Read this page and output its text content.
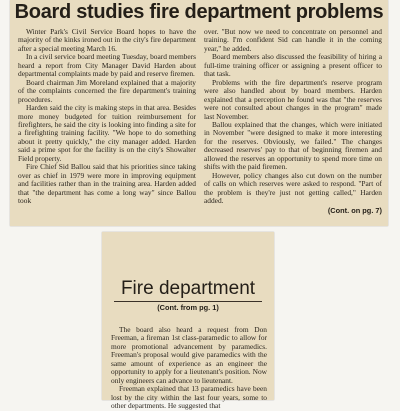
Board studies fire department problems

Winter Park's Civil Service Board hopes to have the majority of the kinks ironed out in the city's fire department after a special meeting March 16.

In a civil service board meeting Tuesday, board members heard a report from City Manager David Harden about departmental complaints made by paid and reserve firemen.

Board chairman Jim Moreland explained that a majority of the complaints concerned the fire department's training procedures.

Harden said the city is making steps in that area. Besides more money budgeted for tuition reimbursement for firefighters, he said the city is looking into finding a site for a firefighting training facility. "We hope to do something about it pretty quickly," the city manager added. Harden said a prime spot for the facility is on the city's Showalter Field property.

Fire Chief Sid Ballou said that his priorities since taking over as chief in 1979 were more in improving equipment and facilities rather than in the training area. Harden added that "the department has come a long way" since Ballou took

over. "But now we need to concentrate on personnel and training. I'm confident Sid can handle it in the coming year," he added.

Board members also discussed the feasibility of hiring a full-time training officer or assigning a present officer to that task.

Problems with the fire department's reserve program were also handled about by board members. Harden explained that a perception he found was that "the reserves were not consulted about changes in the program" made last November.

Ballou explained that the changes, which were initiated in November "were designed to make it more interesting for the reserves. Obviously, we failed." The changes decreased reserves' pay to that of beginning firemen and allowed the reserves an opportunity to spend more time on shifts with the paid firemen.

However, policy changes also cut down on the number of calls on which reserves were asked to respond. "Part of the problem is they're just not getting called," Harden added.

(Cont. on pg. 7)
Fire department
(Cont. from pg. 1)

The board also heard a request from Don Freeman, a fireman 1st class-paramedic to allow for more promotional advancement by paramedics. Freeman's proposal would give paramedics with the same amount of experience as an engineer the opportunity to apply for a lieutenant's position. Now only engineers can advance to lieutenant.

Freeman explained that 13 paramedics have been lost by the city within the last four years, some to other departments. He suggested that
